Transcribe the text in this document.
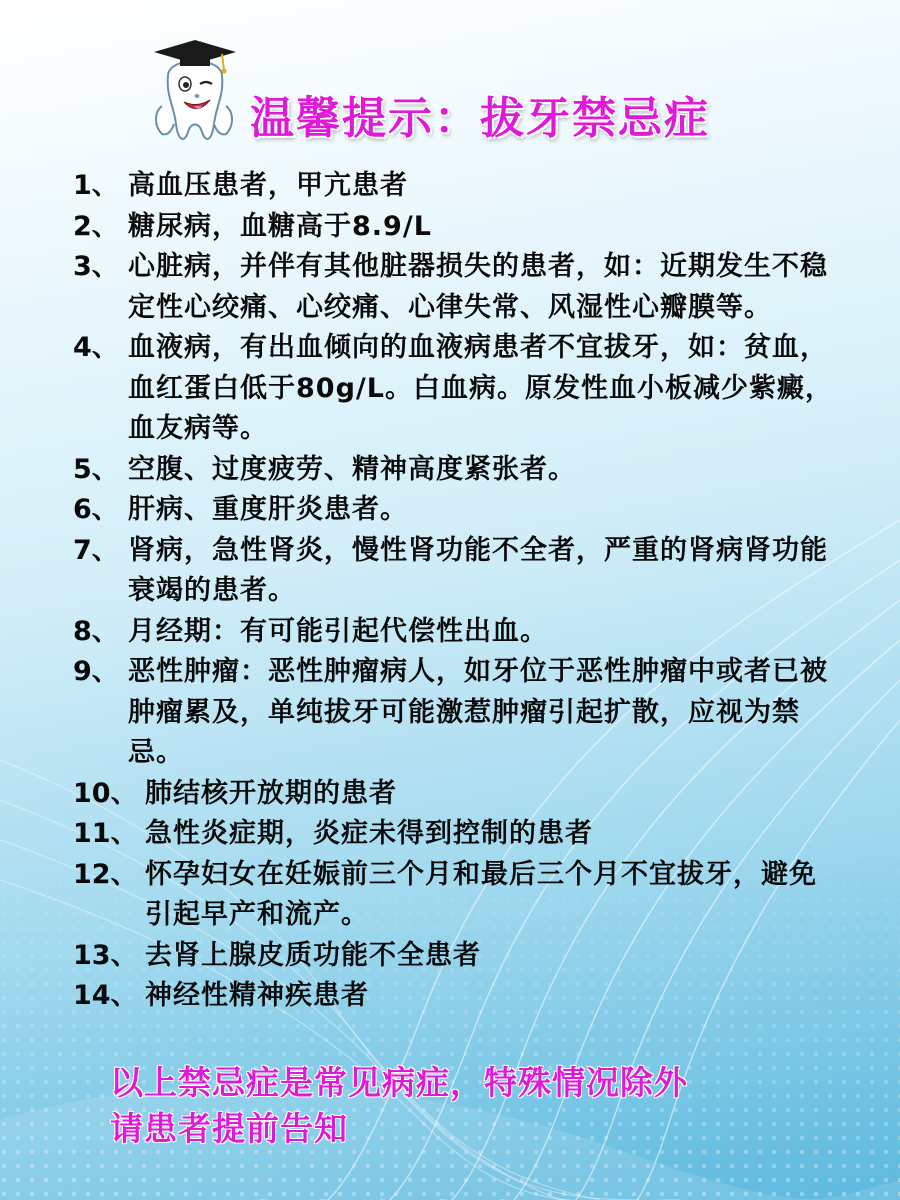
温馨提示：拔牙禁忌症
1、 高血压患者，甲亢患者
2、 糖尿病，血糖高于8.9/L
3、 心脏病，并伴有其他脏器损失的患者，如：近期发生不稳定性心绞痛、心绞痛、心律失常、风湿性心瓣膜等。
4、 血液病，有出血倾向的血液病患者不宜拔牙，如：贫血，血红蛋白低于80g/L。白血病。原发性血小板减少紫癜，血友病等。
5、 空腹、过度疲劳、精神高度紧张者。
6、 肝病、重度肝炎患者。
7、 肾病，急性肾炎，慢性肾功能不全者，严重的肾病肾功能衰竭的患者。
8、 月经期：有可能引起代偿性出血。
9、 恶性肿瘤：恶性肿瘤病人，如牙位于恶性肿瘤中或者已被肿瘤累及，单纯拔牙可能激惹肿瘤引起扩散，应视为禁忌。
10、 肺结核开放期的患者
11、 急性炎症期，炎症未得到控制的患者
12、 怀孕妇女在妊娠前三个月和最后三个月不宜拔牙，避免引起早产和流产。
13、 去肾上腺皮质功能不全患者
14、 神经性精神疾患者

以上禁忌症是常见病症，特殊情况除外
请患者提前告知
